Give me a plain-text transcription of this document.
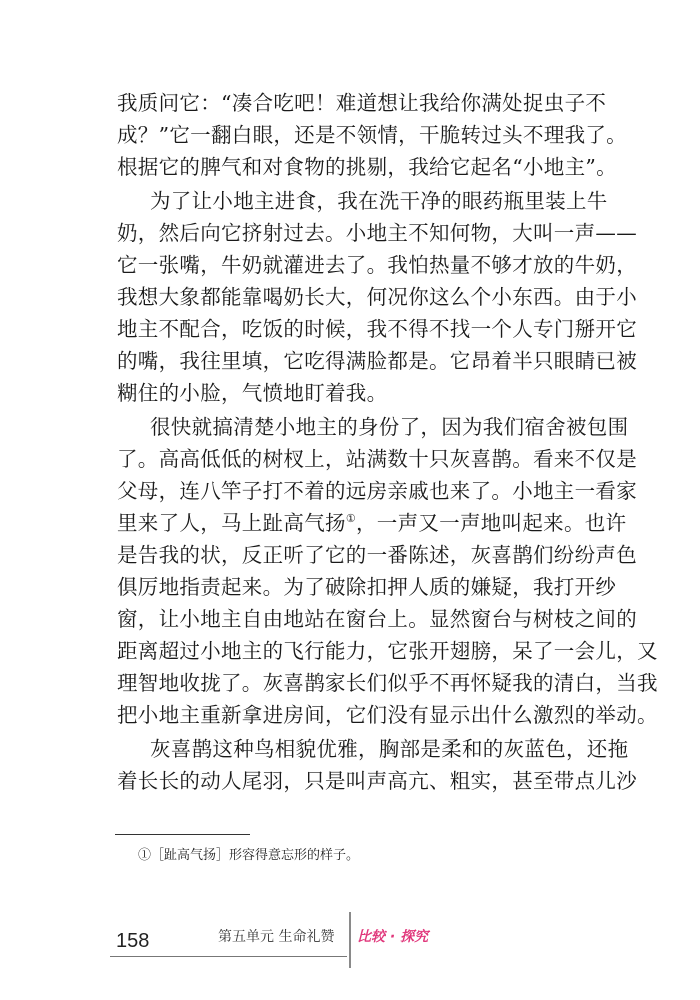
我质问它：“凑合吃吧！难道想让我给你满处捉虫子不
成？”它一翻白眼，还是不领情，干脆转过头不理我了。
根据它的脾气和对食物的挑剔，我给它起名“小地主”。
为了让小地主进食，我在洗干净的眼药瓶里装上牛
奶，然后向它挤射过去。小地主不知何物，大叫一声——
它一张嘴，牛奶就灌进去了。我怕热量不够才放的牛奶，
我想大象都能靠喝奶长大，何况你这么个小东西。由于小
地主不配合，吃饭的时候，我不得不找一个人专门掰开它
的嘴，我往里填，它吃得满脸都是。它昂着半只眼睛已被
糊住的小脸，气愤地盯着我。
很快就搞清楚小地主的身份了，因为我们宿舍被包围
了。高高低低的树杈上，站满数十只灰喜鹊。看来不仅是
父母，连八竿子打不着的远房亲戚也来了。小地主一看家
里来了人，马上趾高气扬①，一声又一声地叫起来。也许
是告我的状，反正听了它的一番陈述，灰喜鹊们纷纷声色
俱厉地指责起来。为了破除扣押人质的嫌疑，我打开纱
窗，让小地主自由地站在窗台上。显然窗台与树枝之间的
距离超过小地主的飞行能力，它张开翅膀，呆了一会儿，又
理智地收拢了。灰喜鹊家长们似乎不再怀疑我的清白，当我
把小地主重新拿进房间，它们没有显示出什么激烈的举动。
灰喜鹊这种鸟相貌优雅，胸部是柔和的灰蓝色，还拖
着长长的动人尾羽，只是叫声高亢、粗实，甚至带点儿沙
①［趾高气扬］形容得意忘形的样子。
158	第五单元 生命礼赞 比较 · 探究
